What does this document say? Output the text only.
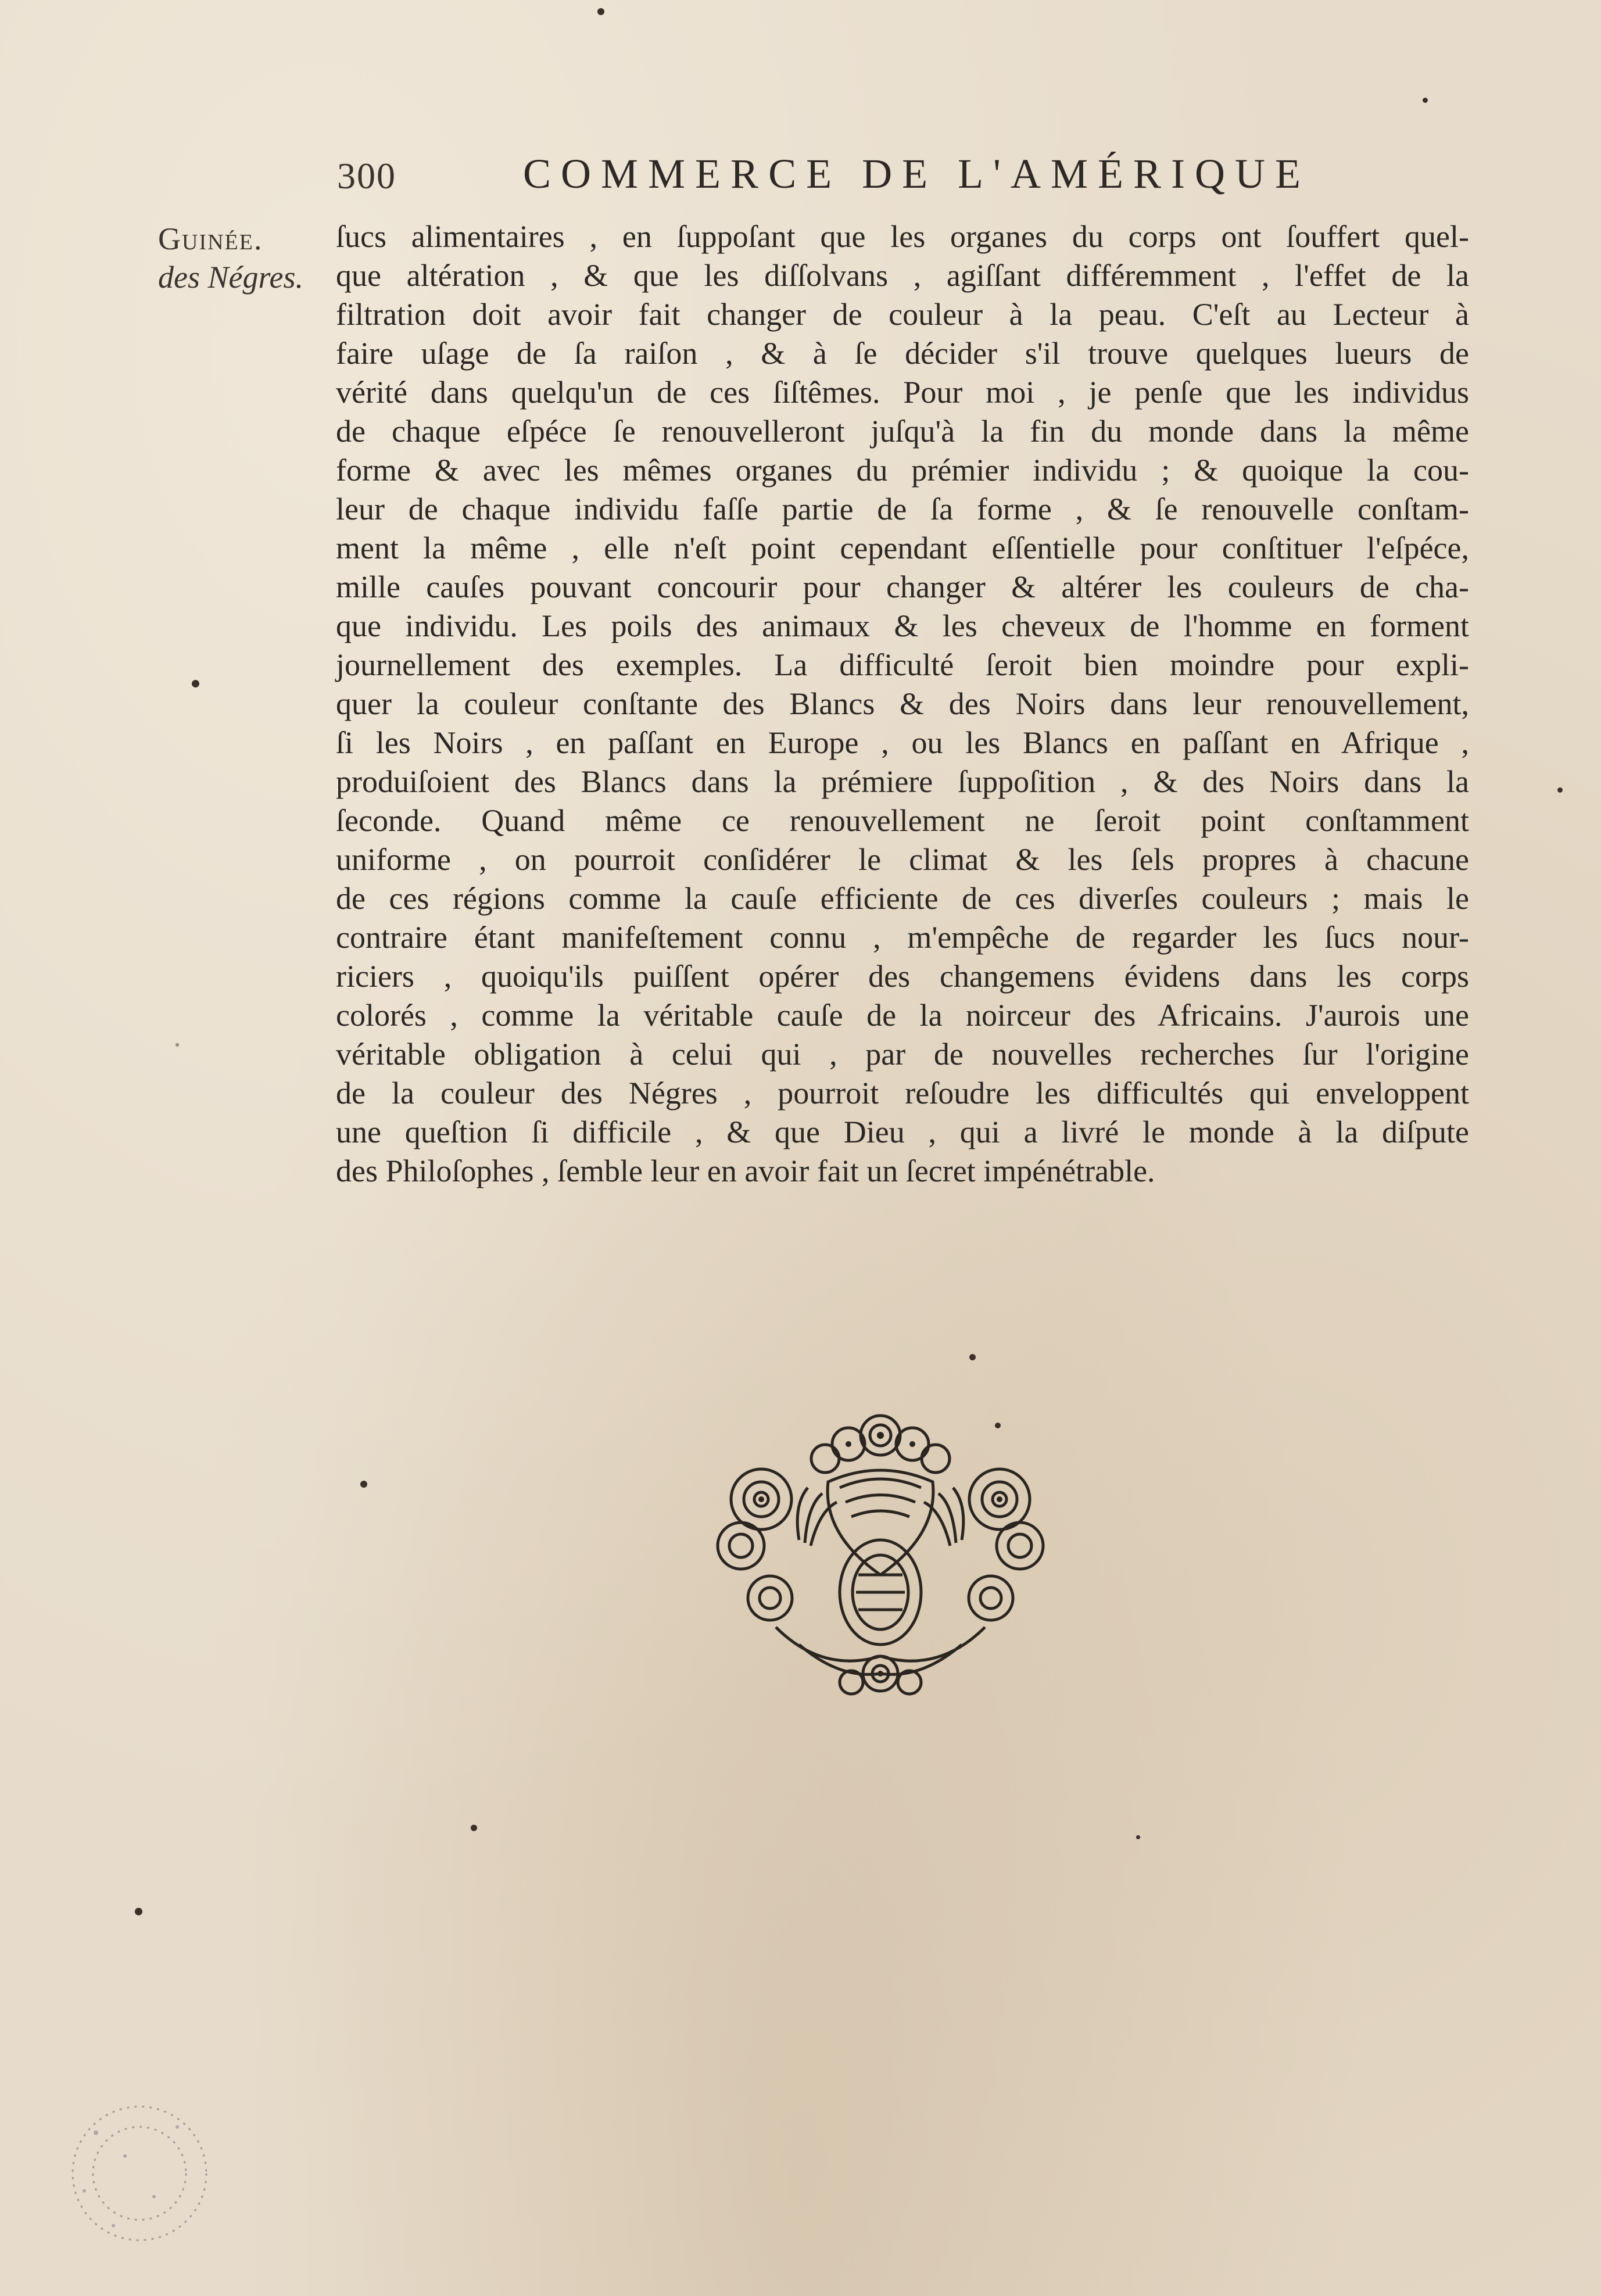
300	COMMERCE DE L'AMÉRIQUE
Guinée.
des Négres.
ſucs alimentaires , en ſuppoſant que les organes du corps ont ſouffert quel-
que altération , & que les diſſolvans , agiſſant différemment , l'effet de la
filtration doit avoir fait changer de couleur à la peau. C'eſt au Lecteur à
faire uſage de ſa raiſon , & à ſe décider s'il trouve quelques lueurs de
vérité dans quelqu'un de ces ſiſtêmes. Pour moi , je penſe que les individus
de chaque eſpéce ſe renouvelleront juſqu'à la fin du monde dans la même
forme & avec les mêmes organes du prémier individu ; & quoique la cou-
leur de chaque individu faſſe partie de ſa forme , & ſe renouvelle conſtam-
ment la même , elle n'eſt point cependant eſſentielle pour conſtituer l'eſpéce,
mille cauſes pouvant concourir pour changer & altérer les couleurs de cha-
que individu. Les poils des animaux & les cheveux de l'homme en forment
journellement des exemples. La difficulté ſeroit bien moindre pour expli-
quer la couleur conſtante des Blancs & des Noirs dans leur renouvellement,
ſi les Noirs , en paſſant en Europe , ou les Blancs en paſſant en Afrique ,
produiſoient des Blancs dans la prémiere ſuppoſition , & des Noirs dans la
ſeconde. Quand même ce renouvellement ne ſeroit point conſtamment
uniforme , on pourroit conſidérer le climat & les ſels propres à chacune
de ces régions comme la cauſe efficiente de ces diverſes couleurs ; mais le
contraire étant manifeſtement connu , m'empêche de regarder les ſucs nour-
riciers , quoiqu'ils puiſſent opérer des changemens évidens dans les corps
colorés , comme la véritable cauſe de la noirceur des Africains. J'aurois une
véritable obligation à celui qui , par de nouvelles recherches ſur l'origine
de la couleur des Négres , pourroit reſoudre les difficultés qui enveloppent
une queſtion ſi difficile , & que Dieu , qui a livré le monde à la diſpute
des Philoſophes , ſemble leur en avoir fait un ſecret impénétrable.
